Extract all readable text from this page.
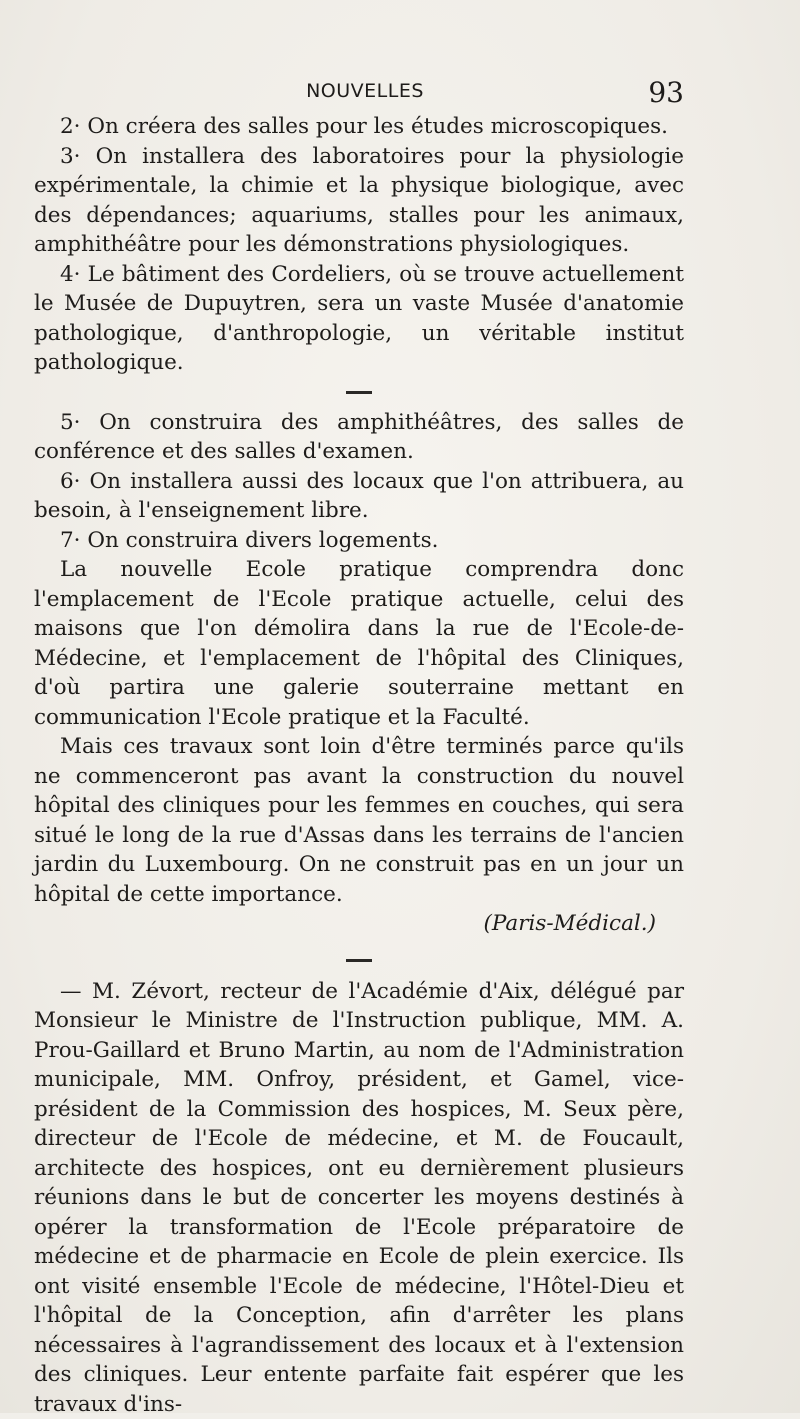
NOUVELLES	93

2· On créera des salles pour les études microscopiques.

3· On installera des laboratoires pour la physiologie expérimentale, la chimie et la physique biologique, avec des dépendances; aquariums, stalles pour les animaux, amphithéâtre pour les démonstrations physiologiques.

4· Le bâtiment des Cordeliers, où se trouve actuellement le Musée de Dupuytren, sera un vaste Musée d'anatomie pathologique, d'anthropologie, un véritable institut pathologique.

5· On construira des amphithéâtres, des salles de conférence et des salles d'examen.

6· On installera aussi des locaux que l'on attribuera, au besoin, à l'enseignement libre.

7· On construira divers logements.

La nouvelle Ecole pratique comprendra donc l'emplacement de l'Ecole pratique actuelle, celui des maisons que l'on démolira dans la rue de l'Ecole-de-Médecine, et l'emplacement de l'hôpital des Cliniques, d'où partira une galerie souterraine mettant en communication l'Ecole pratique et la Faculté.

Mais ces travaux sont loin d'être terminés parce qu'ils ne commenceront pas avant la construction du nouvel hôpital des cliniques pour les femmes en couches, qui sera situé le long de la rue d'Assas dans les terrains de l'ancien jardin du Luxembourg. On ne construit pas en un jour un hôpital de cette importance.

(Paris-Médical.)

— M. Zévort, recteur de l'Académie d'Aix, délégué par Monsieur le Ministre de l'Instruction publique, MM. A. Prou-Gaillard et Bruno Martin, au nom de l'Administration municipale, MM. Onfroy, président, et Gamel, vice-président de la Commission des hospices, M. Seux père, directeur de l'Ecole de médecine, et M. de Foucault, architecte des hospices, ont eu dernièrement plusieurs réunions dans le but de concerter les moyens destinés à opérer la transformation de l'Ecole préparatoire de médecine et de pharmacie en Ecole de plein exercice. Ils ont visité ensemble l'Ecole de médecine, l'Hôtel-Dieu et l'hôpital de la Conception, afin d'arrêter les plans nécessaires à l'agrandissement des locaux et à l'extension des cliniques. Leur entente parfaite fait espérer que les travaux d'ins-
